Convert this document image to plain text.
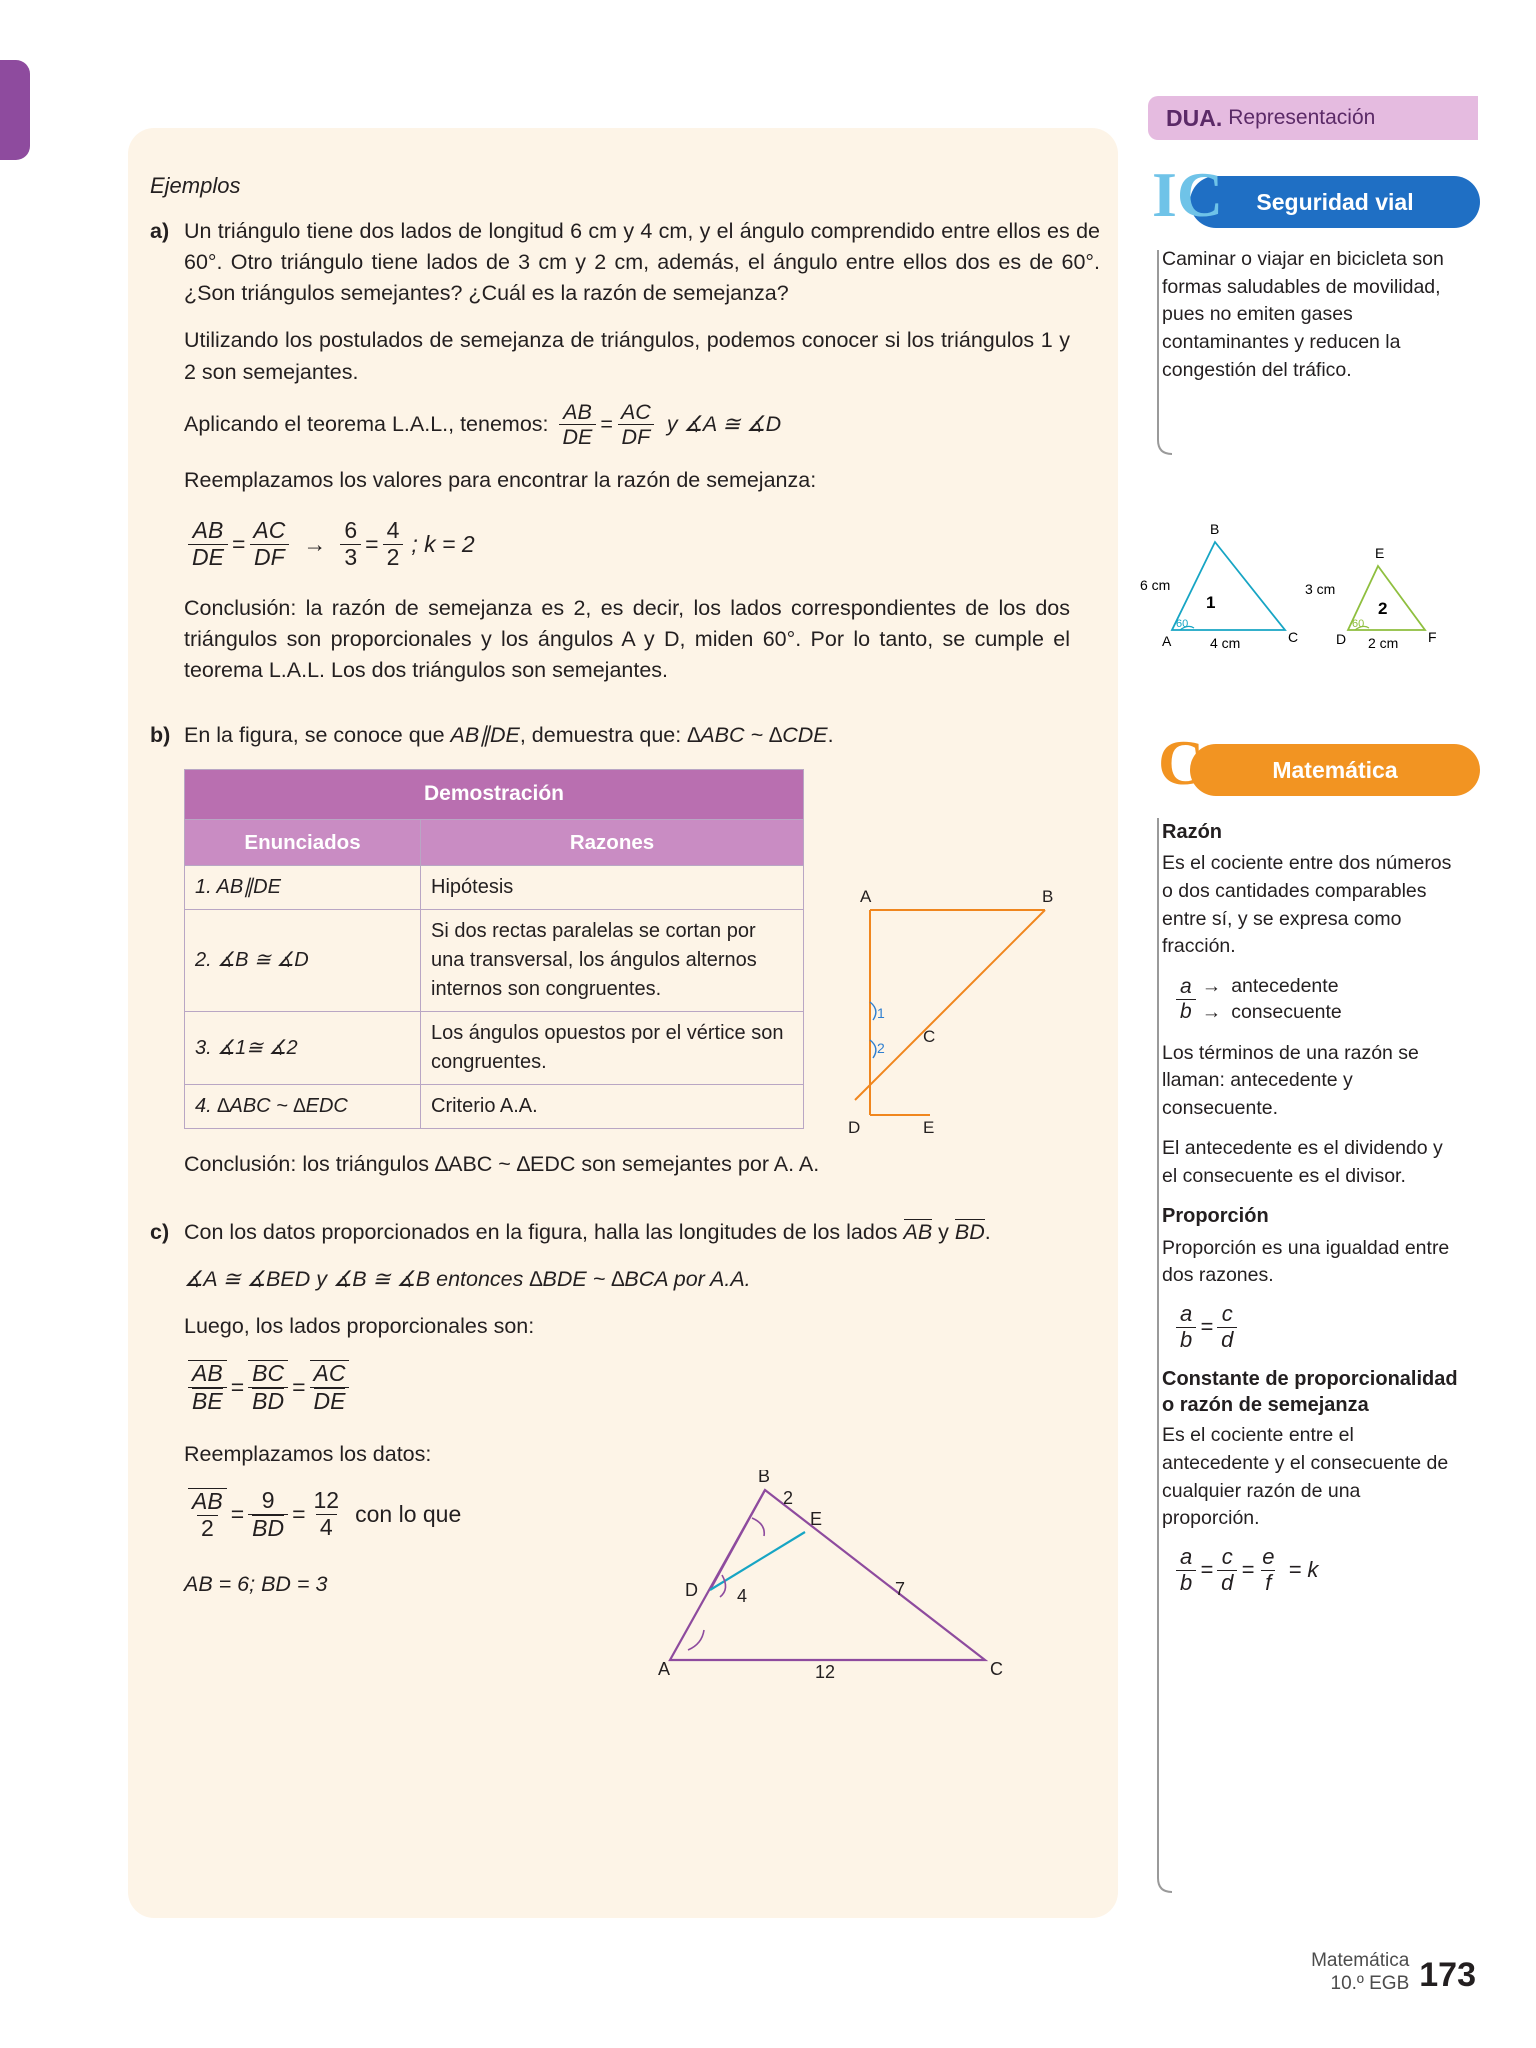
Ejemplos
a) Un triángulo tiene dos lados de longitud 6 cm y 4 cm, y el ángulo comprendido entre ellos es de 60°. Otro triángulo tiene lados de 3 cm y 2 cm, además, el ángulo entre ellos dos es de 60°. ¿Son triángulos semejantes? ¿Cuál es la razón de semejanza?
Utilizando los postulados de semejanza de triángulos, podemos conocer si los triángulos 1 y 2 son semejantes.
Aplicando el teorema L.A.L., tenemos: $\frac{AB}{DE} = \frac{AC}{DF}$ y ∡A ≅ ∡D
Reemplazamos los valores para encontrar la razón de semejanza:
$\frac{AB}{DE} = \frac{AC}{DF} \to \frac{6}{3} = \frac{4}{2}$ ; k = 2
Conclusión: la razón de semejanza es 2, es decir, los lados correspondientes de los dos triángulos son proporcionales y los ángulos A y D, miden 60°. Por lo tanto, se cumple el teorema L.A.L. Los dos triángulos son semejantes.
b) En la figura, se conoce que AB∥DE, demuestra que: ∆ABC ~ ∆CDE.
Demostración	
Enunciados	Razones
1. AB∥DE	Hipótesis
2. ∡B ≅ ∡D	Si dos rectas paralelas se cortan por una transversal, los ángulos alternos internos son congruentes.
3. ∡1≅ ∡2	Los ángulos opuestos por el vértice son congruentes.
4. ∆ABC ~ ∆EDC	Criterio A.A.
Conclusión: los triángulos ∆ABC ~ ∆EDC son semejantes por A. A.
c) Con los datos proporcionados en la figura, halla las longitudes de los lados AB y BD.
∡A ≅ ∡BED y ∡B ≅ ∡B entonces ∆BDE ~ ∆BCA por A.A.
Luego, los lados proporcionales son:
$\frac{AB}{BE} = \frac{BC}{BD} = \frac{AC}{DE}$
Reemplazamos los datos:
$\frac{AB}{2} = \frac{9}{BD} = \frac{12}{4}$ con lo que
AB = 6; BD = 3
A	B
C
D	E
1
2
B
E
D
A	C
2
4	7
12
DUA. Representación
Seguridad vial
IC

Caminar o viajar en bicicleta son formas saludables de movilidad, pues no emiten gases contaminantes y reducen la congestión del tráfico.

B
A	C
6 cm
1
60
4 cm
E
D	F
3 cm
2
60
2 cm
Matemática
C
Razón

Es el cociente entre dos números o dos cantidades comparables entre sí, y se expresa como fracción.

$\frac{a}{b}$ →
→
antecedente
consecuente

Los términos de una razón se llaman: antecedente y consecuente.

El antecedente es el dividendo y el consecuente es el divisor.

Proporción

Proporción es una igualdad entre dos razones.

$\frac{a}{b} = \frac{c}{d}$
Constante de proporcionalidad o razón de semejanza

Es el cociente entre el antecedente y el consecuente de cualquier razón de una proporción.

$\frac{a}{b} = \frac{c}{d} = \frac{e}{f} = k$
Matemática
10.º EGB 173
